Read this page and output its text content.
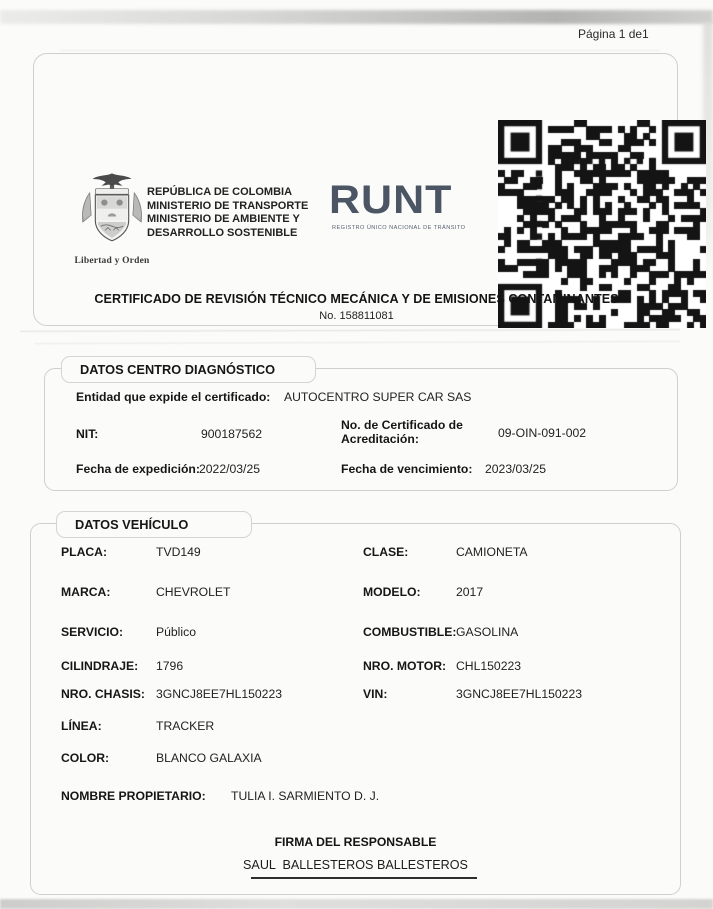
Página 1 de1
Libertad y Orden
REPÚBLICA DE COLOMBIA
MINISTERIO DE TRANSPORTE
MINISTERIO DE AMBIENTE Y
DESARROLLO SOSTENIBLE
RUNT
REGISTRO ÚNICO NACIONAL DE TRÁNSITO
CERTIFICADO DE REVISIÓN TÉCNICO MECÁNICA Y DE EMISIONES CONTAMINANTES
No. 158811081
DATOS CENTRO DIAGNÓSTICO
Entidad que expide el certificado: AUTOCENTRO SUPER CAR SAS
NIT:	900187562
No. de Certificado de Acreditación:	09-OIN-091-002
Fecha de expedición: 2022/03/25	Fecha de vencimiento: 2023/03/25
DATOS VEHÍCULO
PLACA:	TVD149	CLASE:	CAMIONETA
MARCA:	CHEVROLET	MODELO:	2017
SERVICIO:	Público	COMBUSTIBLE: GASOLINA
CILINDRAJE: 1796	NRO. MOTOR: CHL150223
NRO. CHASIS: 3GNCJ8EE7HL150223	VIN:	3GNCJ8EE7HL150223
LÍNEA:	TRACKER
COLOR:	BLANCO GALAXIA
NOMBRE PROPIETARIO: TULIA I. SARMIENTO D. J.
FIRMA DEL RESPONSABLE
SAUL  BALLESTEROS BALLESTEROS
